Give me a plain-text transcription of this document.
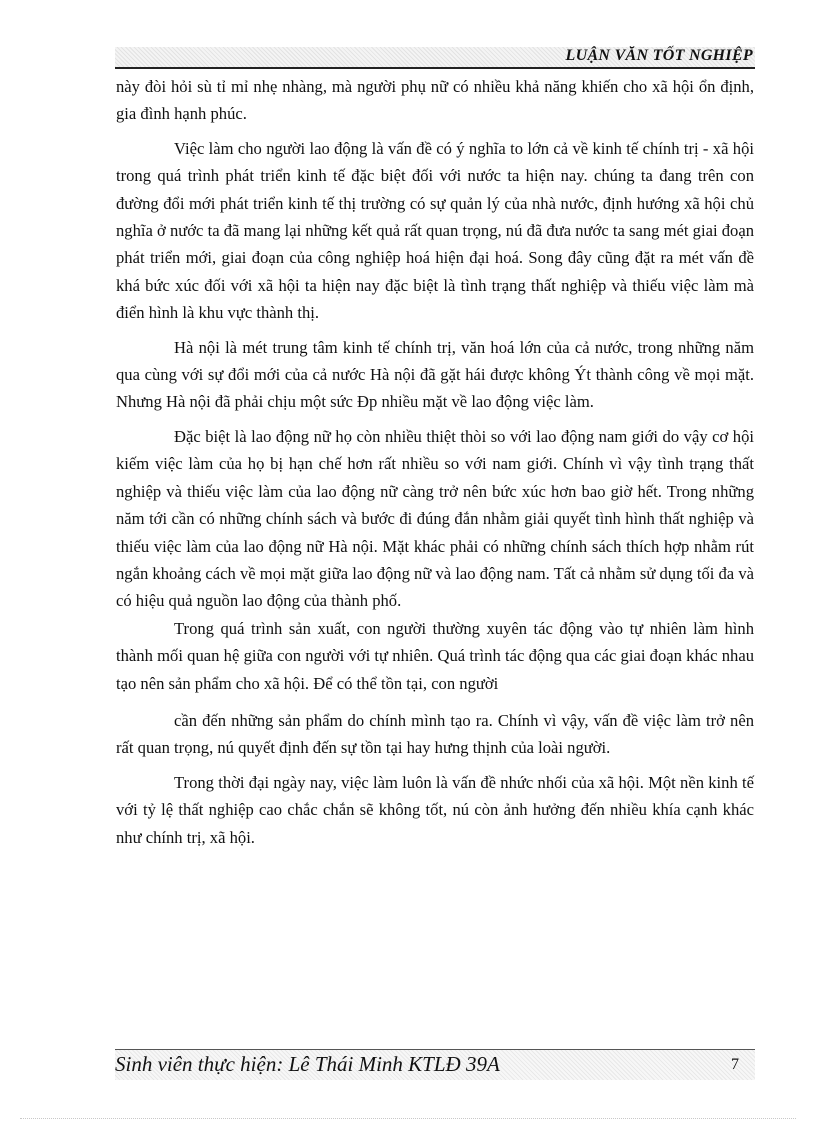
LUẬN VĂN TỐT NGHIỆP

này đòi hỏi sù tỉ mỉ nhẹ nhàng, mà người phụ nữ có nhiều khả năng khiến cho xã hội ổn định, gia đình hạnh phúc.

Việc làm cho người lao động là vấn đề có ý nghĩa to lớn cả về kinh tế chính trị - xã hội trong quá trình phát triển kinh tế đặc biệt đối với nước ta hiện nay. chúng ta đang trên con đường đổi mới phát triển kinh tế thị trường có sự quản lý của nhà nước, định hướng xã hội chủ nghĩa ở nước ta đã mang lại những kết quả rất quan trọng, nú đã đưa nước ta sang mét giai đoạn phát triển mới, giai đoạn của công nghiệp hoá hiện đại hoá. Song đây cũng đặt ra mét vấn đề khá bức xúc đối với xã hội ta hiện nay đặc biệt là tình trạng thất nghiệp và thiếu việc làm mà điển hình là khu vực thành thị.

Hà nội là mét trung tâm kinh tế chính trị, văn hoá lớn của cả nước, trong những năm qua cùng với sự đổi mới của cả nước Hà nội đã gặt hái được không Ýt thành công về mọi mặt. Nhưng Hà nội đã phải chịu một sức Ðp nhiều mặt về lao động việc làm.

Đặc biệt là lao động nữ họ còn nhiều thiệt thòi so với lao động nam giới do vậy cơ hội kiếm việc làm của họ bị hạn chế hơn rất nhiều so với nam giới. Chính vì vậy tình trạng thất nghiệp và thiếu việc làm của lao động nữ càng trở nên bức xúc hơn bao giờ hết. Trong những năm tới cần có những chính sách và bước đi đúng đắn nhằm giải quyết tình hình thất nghiệp và thiếu việc làm của lao động nữ Hà nội. Mặt khác phải có những chính sách thích hợp nhằm rút ngắn khoảng cách về mọi mặt giữa lao động nữ và lao động nam. Tất cả nhằm sử dụng tối đa và có hiệu quả nguồn lao động của thành phố.

Trong quá trình sản xuất, con người thường xuyên tác động vào tự nhiên làm hình thành mối quan hệ giữa con người với tự nhiên. Quá trình tác động qua các giai đoạn khác nhau tạo nên sản phẩm cho xã hội. Để có thể tồn tại, con người

cần đến những sản phẩm do chính mình tạo ra. Chính vì vậy, vấn đề việc làm trở nên rất quan trọng, nú quyết định đến sự tồn tại hay hưng thịnh của loài người.

Trong thời đại ngày nay, việc làm luôn là vấn đề nhức nhối của xã hội. Một nền kinh tế với tỷ lệ thất nghiệp cao chắc chắn sẽ không tốt, nú còn ảnh hưởng đến nhiều khía cạnh khác như chính trị, xã hội.

Sinh viên thực hiện: Lê Thái Minh KTLĐ 39A	7
